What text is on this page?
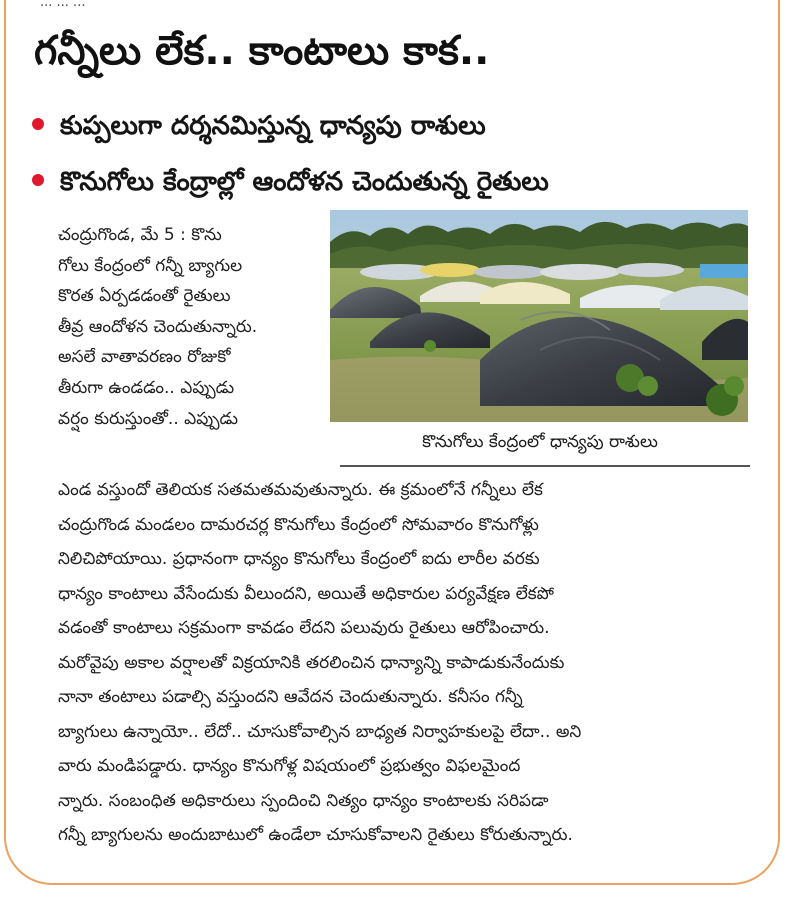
... ... ...
గన్నీలు లేక.. కాంటాలు కాక..
కుప్పలుగా దర్శనమిస్తున్న ధాన్యపు రాశులు
కొనుగోలు కేంద్రాల్లో ఆందోళన చెందుతున్న రైతులు
కొనుగోలు కేంద్రంలో ధాన్యపు రాశులు
చంద్రుగొండ, మే 5 : కొను
గోలు కేంద్రంలో గన్నీ బ్యాగుల
కొరత ఏర్పడడంతో రైతులు
తీవ్ర ఆందోళన చెందుతున్నారు.
అసలే వాతావరణం రోజుకో
తీరుగా ఉండడం.. ఎప్పుడు
వర్షం కురుస్తుంతో.. ఎప్పుడు
ఎండ వస్తుందో తెలియక సతమతమవుతున్నారు. ఈ క్రమంలోనే గన్నీలు లేక
చంద్రుగొండ మండలం దామరచర్ల కొనుగోలు కేంద్రంలో సోమవారం కొనుగోళ్లు
నిలిచిపోయాయి. ప్రధానంగా ధాన్యం కొనుగోలు కేంద్రంలో ఐదు లారీల వరకు
ధాన్యం కాంటాలు వేసేందుకు వీలుందని, అయితే అధికారుల పర్యవేక్షణ లేకపో
వడంతో కాంటాలు సక్రమంగా కావడం లేదని పలువురు రైతులు ఆరోపించారు.
మరోవైపు అకాల వర్షాలతో విక్రయానికి తరలించిన ధాన్యాన్ని కాపాడుకునేందుకు
నానా తంటాలు పడాల్సి వస్తుందని ఆవేదన చెందుతున్నారు. కనీసం గన్నీ
బ్యాగులు ఉన్నాయో.. లేదో.. చూసుకోవాల్సిన బాధ్యత నిర్వాహకులపై లేదా.. అని
వారు మండిపడ్డారు. ధాన్యం కొనుగోళ్ల విషయంలో ప్రభుత్వం విఫలమైంద
న్నారు. సంబంధిత అధికారులు స్పందించి నిత్యం ధాన్యం కాంటాలకు సరిపడా
గన్నీ బ్యాగులను అందుబాటులో ఉండేలా చూసుకోవాలని రైతులు కోరుతున్నారు.
